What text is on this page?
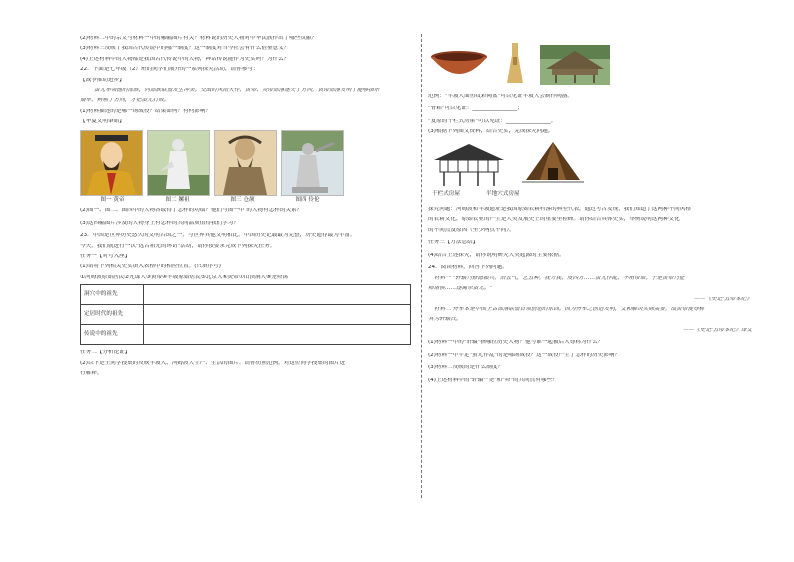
(2)材料二中的宗文与材料一中的哪幅图片有关？材料说的历史人物对中华民族作出了哪些贡献？

(3)材料三反映了我国古代传说中的哪一制度？这一制度对当今社会有什么借鉴意义？

(4)上述材料中的人物都是我国古代传说中的人物，神话传说能作为史实吗？为什么？

22．下面是七年级（2）班的同学们展开的一系列探究活动，请你参与：

【战争推动进步】

蚩尤率领他的部族，同部族联盟发生冲突。交战时风雨大作，黄帝、炎帝部落迷失了方向，黄帝部落发明了能够指示

南车，辨别了方向，才把蚩尤打败。

(1)材料描述的是哪一场战役？结果如何？有何影响？

【华夏文明肇始】

图一 黄帝	图二 嫘祖	图三 仓颉	图四 伶伦

(2)图一、图二、图四中的人物各取得了怎样的功绩？他们与图一中 的人物有怎样的关系？

(3)这四幅图片涉及的人物身上有怎样的共同品质值得我们学习？

23．中国是世界历史悠久的文明古国之一，与世界其他文明相比，中国历史记载最为完整，历史遗存最为丰富。

今天，我们就进行一次"远古祖先的环访"活动，请你按要求完成下列探究任务。

任务一【对号入座】

(1)请将下列相关史实填入表格中的相应位置。(只填序号)

①河姆渡原始居民②元谋人③黄帝④半坡原始居民⑤北京人⑥炎帝⑦山顶洞人⑧尧舜禹

洞穴中的祖先	
定居时代的祖先	
传说中的祖先	

任务二【分析论证】

(2)以下是王同学搜集的反映半坡人、河姆渡人生产、生活的图片。请你仿照范例，对这位同学搜集的图片进

行解释。

范例："半坡人面鱼纹彩陶盆"可以见证半坡人会制作陶器。

"骨耜"可以见证：________________；

"复原的干栏式房屋"可以见证：________________。

(3)根据下列图文资料，结合史实，完成探究问题。

干栏式房屋	半地穴式房屋

探究问题：河姆渡和半坡遗址是我国原始农耕村落的典型代表，通过考古发现，我们知道了这两种不同风格

的农耕文化，原始农业的产生是人类发展史上的重要里程碑。请你结合具体史实，举例说明这两种文化

的不同点及原因（至少两点不同）。

任务三【方法总结】

(4)结合上述探究，请你说明研究人类起源的主要依据。

24．阅读材料，回答下列问题。

材料一 "轩辕乃修德振兵，治五气，艺五种，抚万民，度四方……蚩尤作乱，不用帝命。于是黄帝乃征

师诸侯……遂禽杀蚩尤。"

——《史记·五帝本纪》

材料二 舟车本是中国上古部落联盟首领创造的东西。因为舟车之创造发明，文和解决实际需要，故黄帝便尊称

其为轩辕氏。

——《史记·五帝本纪》译文

(1)材料一中的"轩辕"指哪位历史人物？他与谁一起被后人尊称为什么？

(2)材料一中平定"蚩尤作乱"的是哪场战役？这一战役产生了怎样的历史影响？

(3)材料二反映的是什么制度？

(4)上述材料中的"轩辕""尧"和"舜"的共同点有哪些？
